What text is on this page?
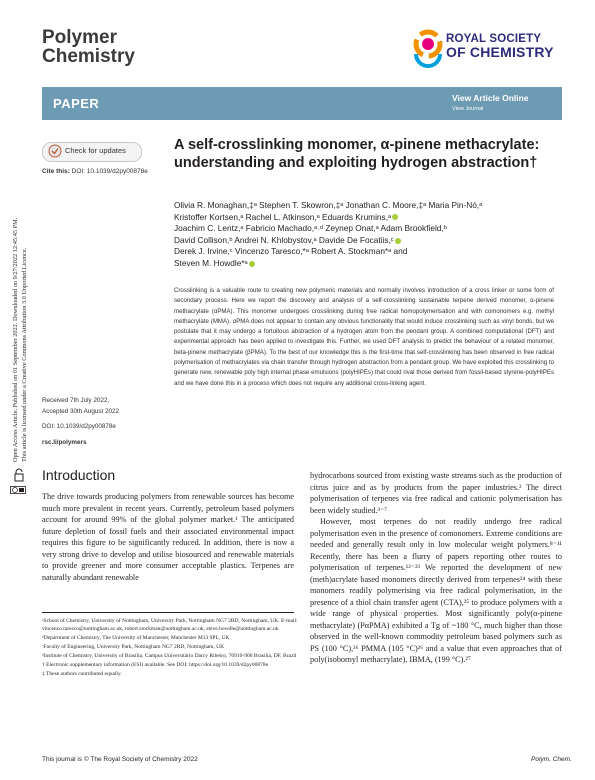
Polymer
Chemistry
ROYAL SOCIETY
OF CHEMISTRY
PAPER	View Article Online
View Journal
Check for updates
Cite this: DOI: 10.1039/d2py00878e
A self-crosslinking monomer, α-pinene methacrylate: understanding and exploiting hydrogen abstraction†
Olivia R. Monaghan,‡ᵃ Stephen T. Skowron,‡ᵃ Jonathan C. Moore,‡ᵃ Maria Pin-Nó,ᵃ
Kristoffer Kortsen,ᵃ Rachel L. Atkinson,ᵃ Eduards Krumins,ᵃ
Joachim C. Lentz,ᵃ Fabricio Machado,ᵃ˒ᵈ Zeynep Onat,ᵃ Adam Brookfield,ᵇ
David Collison,ᵇ Andrei N. Khlobystov,ᵃ Davide De Focatiis,ᶜ
Derek J. Irvine,ᶜ Vincenzo Taresco,*ᵃ Robert A. Stockman*ᵃ and
Steven M. Howdle*ᵃ
Crosslinking is a valuable route to creating new polymeric materials and normally involves introduction of a cross linker or some form of secondary process. Here we report the discovery and analysis of a self-crosslinking sustainable terpene derived monomer, α-pinene methacrylate (αPMA). This monomer undergoes crosslinking during free radical homopolymerisation and with comonomers e.g. methyl methacrylate (MMA). αPMA does not appear to contain any obvious functionality that would induce crosslinking such as vinyl bonds, but we postulate that it may undergo a fortuitous abstraction of a hydrogen atom from the pendant group. A combined computational (DFT) and experimental approach has been applied to investigate this. Further, we used DFT analysis to predict the behaviour of a related monomer, beta-pinene methacrylate (βPMA). To the best of our knowledge this is the first-time that self-crosslinking has been observed in free radical polymerisation of methacrylates via chain transfer through hydrogen abstraction from a pendant group. We have exploited this crosslinking to generate new, renewable poly high internal phase emulsions (polyHIPEs) that could rival those derived from fossil-based styrene-polyHIPEs and we have done this in a process which does not require any additional cross-linking agent.
Received 7th July 2022,
Accepted 30th August 2022
DOI: 10.1039/d2py00878e
rsc.li/polymers
Open Access Article. Published on 01 September 2022. Downloaded on 9/27/2022 12:45:45 PM. This article is licensed under a Creative Commons Attribution 3.0 Unported Licence.
Introduction

The drive towards producing polymers from renewable sources has become much more prevalent in recent years. Currently, petroleum based polymers account for around 99% of the global polymer market.¹ The anticipated future depletion of fossil fuels and their associated environmental impact requires this figure to be significantly reduced. In addition, there is now a very strong drive to develop and utilise biosourced and renewable materials to provide greener and more consumer acceptable plastics. Terpenes are naturally abundant renewable

hydrocarbons sourced from existing waste streams such as the production of citrus juice and as by products from the paper industries.² The direct polymerisation of terpenes via free radical and cationic polymerisation has been widely studied.³⁻⁷

However, most terpenes do not readily undergo free radical polymerisation even in the presence of comonomers. Extreme conditions are needed and generally result only in low molecular weight polymers.⁸⁻¹¹ Recently, there has been a flurry of papers reporting other routes to polymerisation of terpenes.¹²⁻²³ We reported the development of new (meth)acrylate based monomers directly derived from terpenes²⁴ with these monomers readily polymerising via free radical polymerisation, in the presence of a thiol chain transfer agent (CTA),²⁵ to produce polymers with a wide range of physical properties. Most significantly poly(α-pinene methacrylate) (PαPMA) exhibited a Tg of ~180 °C, much higher than those observed in the well-known commodity petroleum based polymers such as PS (100 °C),²⁶ PMMA (105 °C)²⁶ and a value that even approaches that of poly(isobornyl methacrylate), IBMA, (199 °C).²⁷

ᵃSchool of Chemistry, University of Nottingham, University Park, Nottingham NG7 2RD, Nottingham, UK. E-mail: vincenzo.taresco@nottingham.ac.uk, robert.stockman@nottingham.ac.uk, steve.howdle@nottingham.ac.uk

ᵇDepartment of Chemistry, The University of Manchester, Manchester M13 9PL, UK

ᶜFaculty of Engineering, University Park, Nottingham NG7 2RD, Nottingham, UK

ᵈInstitute of Chemistry, University of Brasília, Campus Universitário Darcy Ribeiro, 70910-900 Brasília, DF, Brazil

† Electronic supplementary information (ESI) available. See DOI: https://doi.org/10.1039/d2py00878e

‡ These authors contributed equally.

This journal is © The Royal Society of Chemistry 2022	Polym. Chem.
